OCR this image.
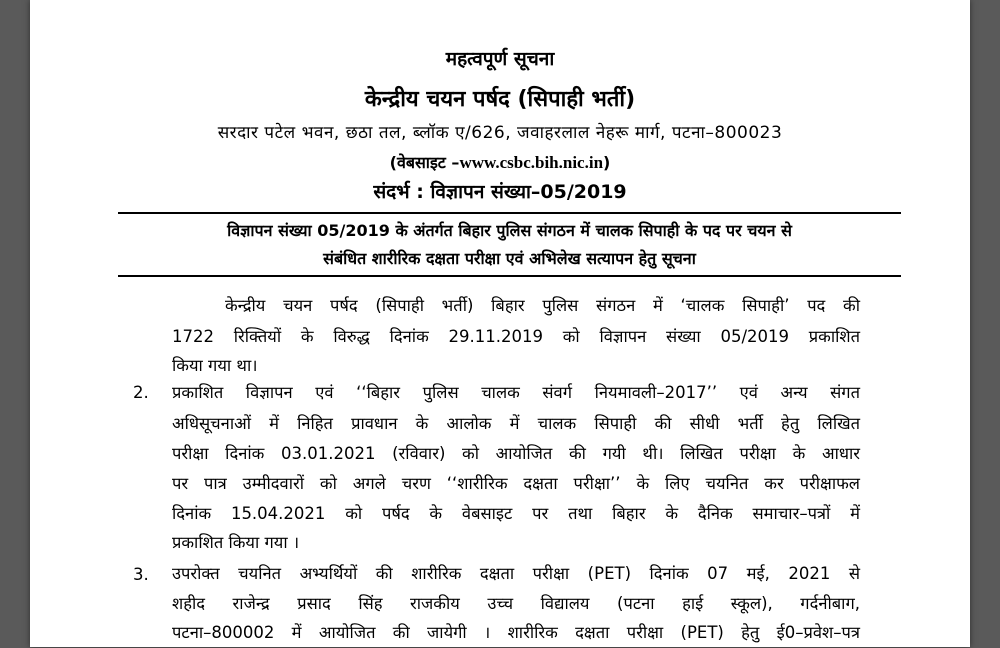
महत्वपूर्ण सूचना
केन्द्रीय चयन पर्षद (सिपाही भर्ती)
सरदार पटेल भवन, छठा तल, ब्लॉक ए/626, जवाहरलाल नेहरू मार्ग, पटना–800023
(वेबसाइट –www.csbc.bih.nic.in)
संदर्भ : विज्ञापन संख्या–05/2019
विज्ञापन संख्या 05/2019 के अंतर्गत बिहार पुलिस संगठन में चालक सिपाही के पद पर चयन से
संबंधित शारीरिक दक्षता परीक्षा एवं अभिलेख सत्यापन हेतु सूचना
केन्द्रीय चयन पर्षद (सिपाही भर्ती) बिहार पुलिस संगठन में ‘चालक सिपाही’ पद की
1722 रिक्तियों के विरुद्ध दिनांक 29.11.2019 को विज्ञापन संख्या 05/2019 प्रकाशित
किया गया था।
2. प्रकाशित विज्ञापन एवं ‘‘बिहार पुलिस चालक संवर्ग नियमावली–2017’’ एवं अन्य संगत
अधिसूचनाओं में निहित प्रावधान के आलोक में चालक सिपाही की सीधी भर्ती हेतु लिखित
परीक्षा दिनांक 03.01.2021 (रविवार) को आयोजित की गयी थी। लिखित परीक्षा के आधार
पर पात्र उम्मीदवारों को अगले चरण ‘‘शारीरिक दक्षता परीक्षा’’ के लिए चयनित कर परीक्षाफल
दिनांक 15.04.2021 को पर्षद के वेबसाइट पर तथा बिहार के दैनिक समाचार–पत्रों में
प्रकाशित किया गया ।
3. उपरोक्त चयनित अभ्यर्थियों की शारीरिक दक्षता परीक्षा (PET) दिनांक 07 मई, 2021 से
शहीद राजेन्द्र प्रसाद सिंह राजकीय उच्च विद्यालय (पटना हाई स्कूल), गर्दनीबाग,
पटना–800002 में आयोजित की जायेगी । शारीरिक दक्षता परीक्षा (PET) हेतु ई0–प्रवेश–पत्र
